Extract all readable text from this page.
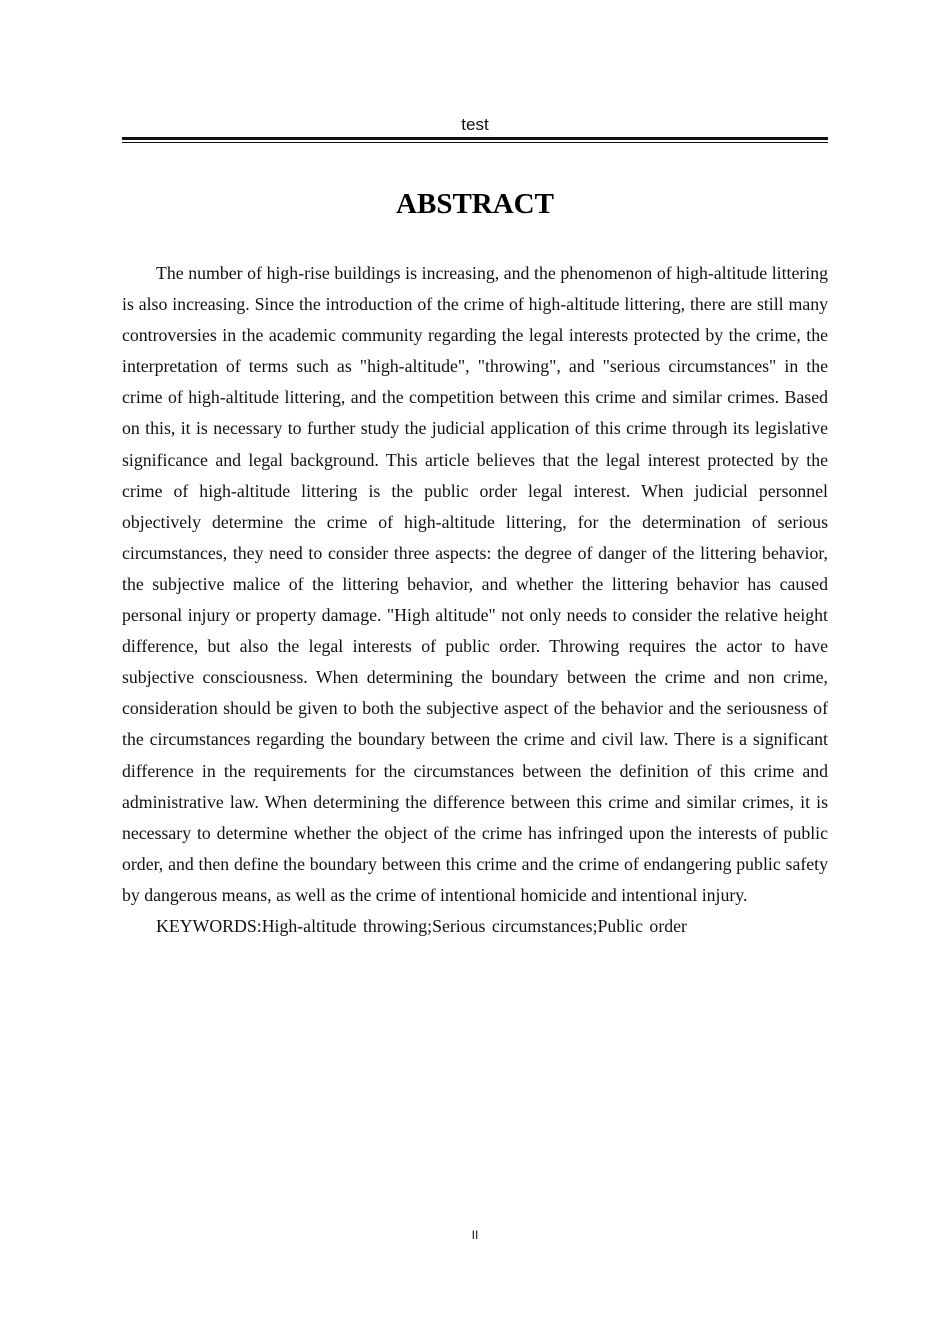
test
ABSTRACT

The number of high-rise buildings is increasing, and the phenomenon of high-altitude littering is also increasing. Since the introduction of the crime of high-altitude littering, there are still many controversies in the academic community regarding the legal interests protected by the crime, the interpretation of terms such as "high-altitude", "throwing", and "serious circumstances" in the crime of high-altitude littering, and the competition between this crime and similar crimes. Based on this, it is necessary to further study the judicial application of this crime through its legislative significance and legal background. This article believes that the legal interest protected by the crime of high-altitude littering is the public order legal interest. When judicial personnel objectively determine the crime of high-altitude littering, for the determination of serious circumstances, they need to consider three aspects: the degree of danger of the littering behavior, the subjective malice of the littering behavior, and whether the littering behavior has caused personal injury or property damage. "High altitude" not only needs to consider the relative height difference, but also the legal interests of public order. Throwing requires the actor to have subjective consciousness. When determining the boundary between the crime and non crime, consideration should be given to both the subjective aspect of the behavior and the seriousness of the circumstances regarding the boundary between the crime and civil law. There is a significant difference in the requirements for the circumstances between the definition of this crime and administrative law. When determining the difference between this crime and similar crimes, it is necessary to determine whether the object of the crime has infringed upon the interests of public order, and then define the boundary between this crime and the crime of endangering public safety by dangerous means, as well as the crime of intentional homicide and intentional injury.

KEYWORDS:High-altitude throwing;Serious circumstances;Public order

II
